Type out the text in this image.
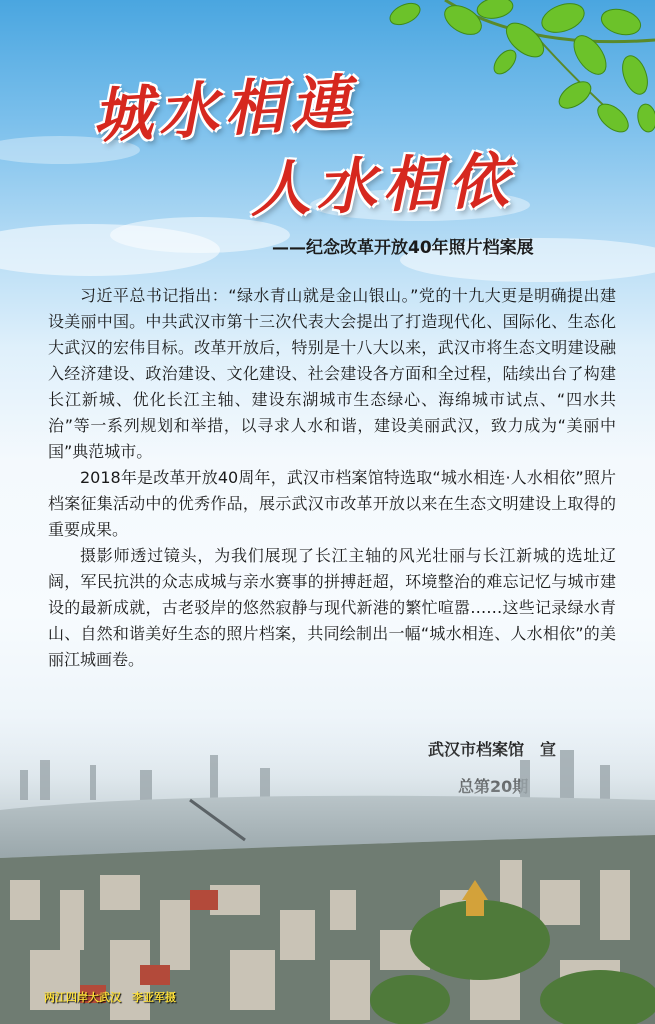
城水相連
人水相依
——纪念改革开放40年照片档案展

习近平总书记指出：“绿水青山就是金山银山。”党的十九大更是明确提出建设美丽中国。中共武汉市第十三次代表大会提出了打造现代化、国际化、生态化大武汉的宏伟目标。改革开放后，特别是十八大以来，武汉市将生态文明建设融入经济建设、政治建设、文化建设、社会建设各方面和全过程，陆续出台了构建长江新城、优化长江主轴、建设东湖城市生态绿心、海绵城市试点、“四水共治”等一系列规划和举措，以寻求人水和谐，建设美丽武汉，致力成为“美丽中国”典范城市。

2018年是改革开放40周年，武汉市档案馆特选取“城水相连·人水相依”照片档案征集活动中的优秀作品，展示武汉市改革开放以来在生态文明建设上取得的重要成果。

摄影师透过镜头，为我们展现了长江主轴的风光壮丽与长江新城的选址辽阔，军民抗洪的众志成城与亲水赛事的拼搏赶超，环境整治的难忘记忆与城市建设的最新成就，古老驳岸的悠然寂静与现代新港的繁忙喧嚣……这些记录绿水青山、自然和谐美好生态的照片档案，共同绘制出一幅“城水相连、人水相依”的美丽江城画卷。

两江四岸大武汉　李亚军摄
